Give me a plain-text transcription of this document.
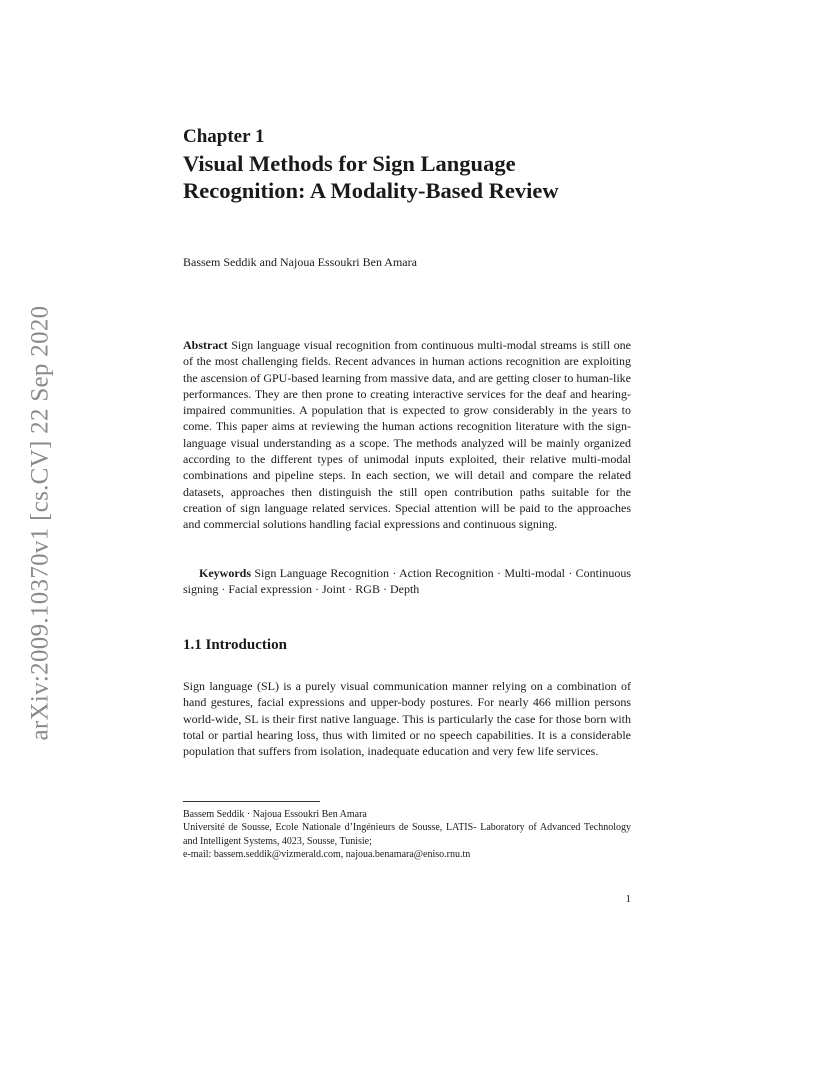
arXiv:2009.10370v1 [cs.CV] 22 Sep 2020
Chapter 1
Visual Methods for Sign Language Recognition: A Modality-Based Review
Bassem Seddik and Najoua Essoukri Ben Amara

Abstract Sign language visual recognition from continuous multi-modal streams is still one of the most challenging fields. Recent advances in human actions recognition are exploiting the ascension of GPU-based learning from massive data, and are getting closer to human-like performances. They are then prone to creating interactive services for the deaf and hearing-impaired communities. A population that is expected to grow considerably in the years to come. This paper aims at reviewing the human actions recognition literature with the sign-language visual understanding as a scope. The methods analyzed will be mainly organized according to the different types of unimodal inputs exploited, their relative multi-modal combinations and pipeline steps. In each section, we will detail and compare the related datasets, approaches then distinguish the still open contribution paths suitable for the creation of sign language related services. Special attention will be paid to the approaches and commercial solutions handling facial expressions and continuous signing.

Keywords Sign Language Recognition · Action Recognition · Multi-modal · Continuous signing · Facial expression · Joint · RGB · Depth

1.1 Introduction

Sign language (SL) is a purely visual communication manner relying on a combination of hand gestures, facial expressions and upper-body postures. For nearly 466 million persons world-wide, SL is their first native language. This is particularly the case for those born with total or partial hearing loss, thus with limited or no speech capabilities. It is a considerable population that suffers from isolation, inadequate education and very few life services.

Bassem Seddik · Najoua Essoukri Ben Amara
Université de Sousse, Ecole Nationale d’Ingénieurs de Sousse, LATIS- Laboratory of Advanced Technology and Intelligent Systems, 4023, Sousse, Tunisie;
e-mail: bassem.seddik@vizmerald.com, najoua.benamara@eniso.rnu.tn
1
